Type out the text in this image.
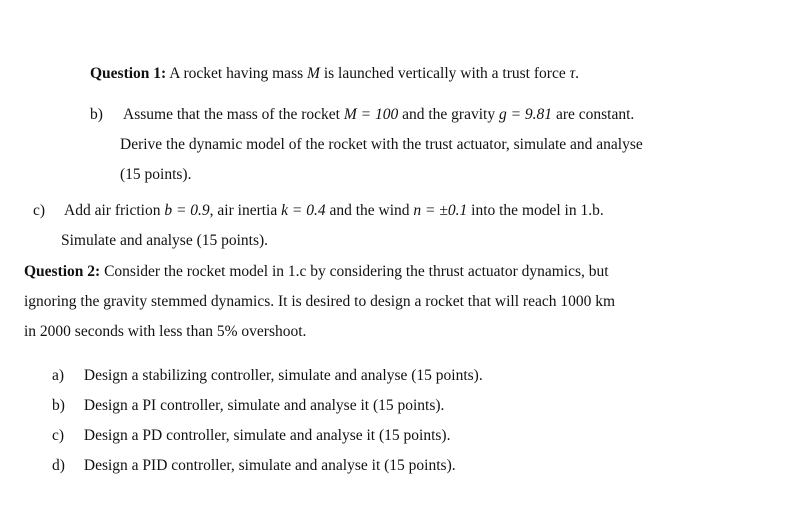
Question 1: A rocket having mass M is launched vertically with a trust force τ.
b) Assume that the mass of the rocket M = 100 and the gravity g = 9.81 are constant.
Derive the dynamic model of the rocket with the trust actuator, simulate and analyse
(15 points).
c) Add air friction b = 0.9, air inertia k = 0.4 and the wind n = ±0.1 into the model in 1.b.
Simulate and analyse (15 points).
Question 2: Consider the rocket model in 1.c by considering the thrust actuator dynamics, but
ignoring the gravity stemmed dynamics. It is desired to design a rocket that will reach 1000 km
in 2000 seconds with less than 5% overshoot.
a) Design a stabilizing controller, simulate and analyse (15 points).
b) Design a PI controller, simulate and analyse it (15 points).
c) Design a PD controller, simulate and analyse it (15 points).
d) Design a PID controller, simulate and analyse it (15 points).
